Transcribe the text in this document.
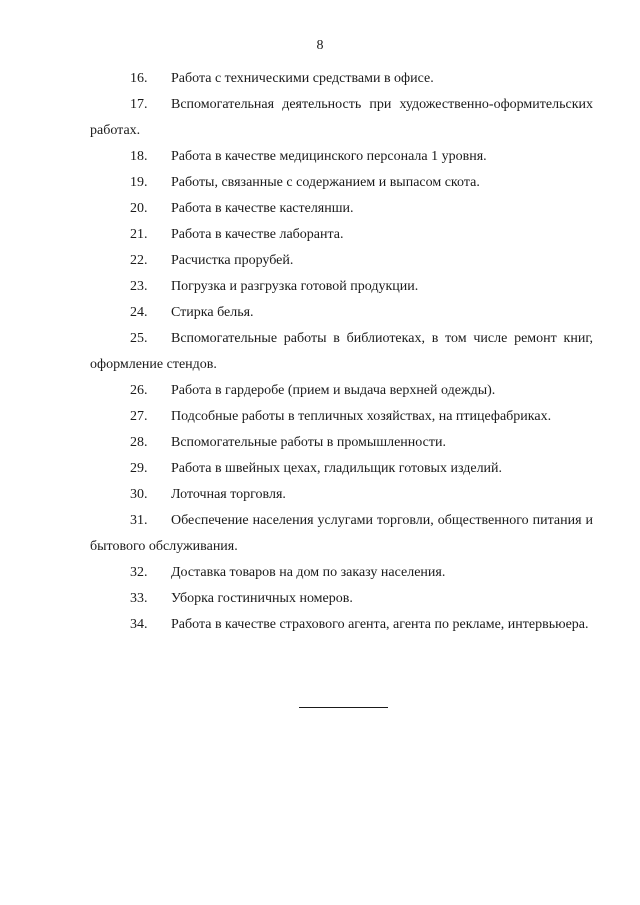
8

16. Работа с техническими средствами в офисе.

17. Вспомогательная деятельность при художественно-оформительских работах.

18. Работа в качестве медицинского персонала 1 уровня.

19. Работы, связанные с содержанием и выпасом скота.

20. Работа в качестве кастелянши.

21. Работа в качестве лаборанта.

22. Расчистка прорубей.

23. Погрузка и разгрузка готовой продукции.

24. Стирка белья.

25. Вспомогательные работы в библиотеках, в том числе ремонт книг, оформление стендов.

26. Работа в гардеробе (прием и выдача верхней одежды).

27. Подсобные работы в тепличных хозяйствах, на птицефабриках.

28. Вспомогательные работы в промышленности.

29. Работа в швейных цехах, гладильщик готовых изделий.

30. Лоточная торговля.

31. Обеспечение населения услугами торговли, общественного питания и бытового обслуживания.

32. Доставка товаров на дом по заказу населения.

33. Уборка гостиничных номеров.

34. Работа в качестве страхового агента, агента по рекламе, интервьюера.
